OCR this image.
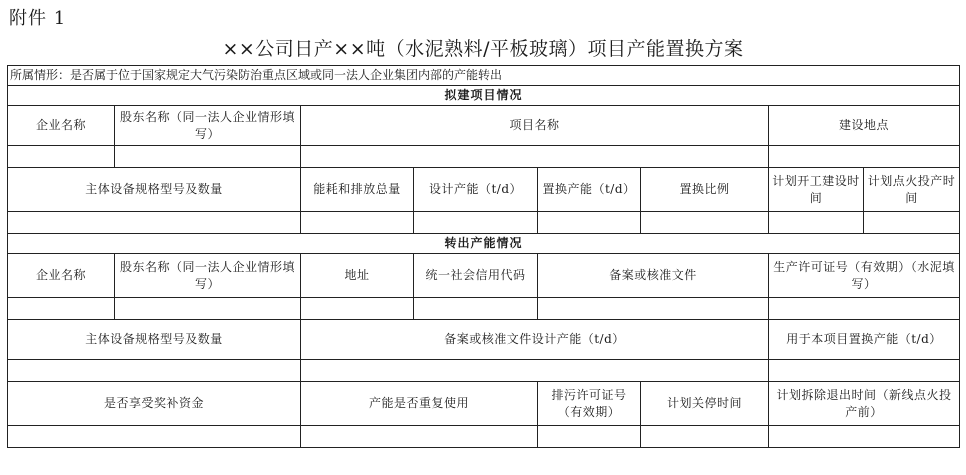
附件 1
××公司日产××吨（水泥熟料/平板玻璃）项目产能置换方案
所属情形：是否属于位于国家规定大气污染防治重点区域或同一法人企业集团内部的产能转出							
拟建项目情况							
企业名称	股东名称（同一法人企业情形填写）	项目名称				建设地点	

主体设备规格型号及数量		能耗和排放总量	设计产能（t/d）	置换产能（t/d）	置换比例	计划开工建设时间	计划点火投产时间

转出产能情况							
企业名称	股东名称（同一法人企业情形填写）	地址	统一社会信用代码	备案或核准文件		生产许可证号（有效期）（水泥填写）	

主体设备规格型号及数量		备案或核准文件设计产能（t/d）				用于本项目置换产能（t/d）	

是否享受奖补资金		产能是否重复使用		排污许可证号（有效期）	计划关停时间	计划拆除退出时间（新线点火投产前）	
